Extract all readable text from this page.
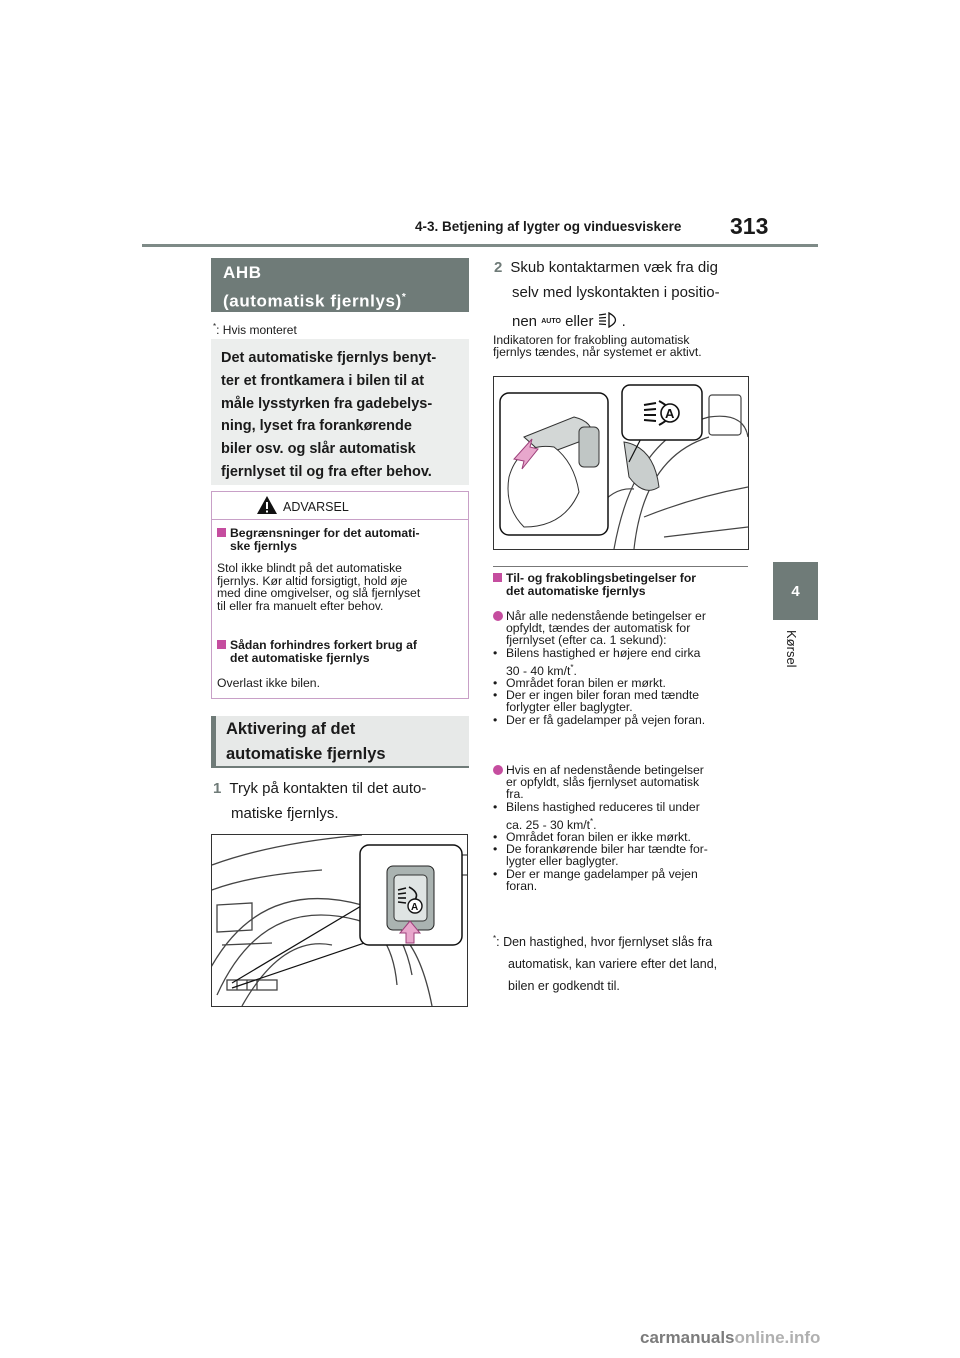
4-3. Betjening af lygter og vinduesviskere 313
4
Kørsel
AHB
(automatisk fjernlys)*
*: Hvis monteret
Det automatiske fjernlys benyt-
ter et frontkamera i bilen til at
måle lysstyrken fra gadebelys-
ning, lyset fra forankørende
biler osv. og slår automatisk
fjernlyset til og fra efter behov.
ADVARSEL
Begrænsninger for det automati-
ske fjernlys
Stol ikke blindt på det automatiske
fjernlys. Kør altid forsigtigt, hold øje
med dine omgivelser, og slå fjernlyset
til eller fra manuelt efter behov.
Sådan forhindres forkert brug af
det automatiske fjernlys
Overlast ikke bilen.
Aktivering af det
automatiske fjernlys
1 Tryk på kontakten til det auto-
matiske fjernlys.
A
2 Skub kontaktarmen væk fra dig
selv med lyskontakten i positio-
nen $^{AUTO}$ eller .
Indikatoren for frakobling automatisk
fjernlys tændes, når systemet er aktivt.
A
Til- og frakoblingsbetingelser for
det automatiske fjernlys
Når alle nedenstående betingelser er
opfyldt, tændes der automatisk for
fjernlyset (efter ca. 1 sekund):
• Bilens hastighed er højere end cirka
30 - 40 km/t*.
• Området foran bilen er mørkt.
• Der er ingen biler foran med tændte
forlygter eller baglygter.
• Der er få gadelamper på vejen foran.
Hvis en af nedenstående betingelser
er opfyldt, slås fjernlyset automatisk
fra.
• Bilens hastighed reduceres til under
ca. 25 - 30 km/t*.
• Området foran bilen er ikke mørkt.
• De forankørende biler har tændte for-
lygter eller baglygter.
• Der er mange gadelamper på vejen
foran.
*: Den hastighed, hvor fjernlyset slås fra
automatisk, kan variere efter det land,
bilen er godkendt til.
carmanualsonline.info
